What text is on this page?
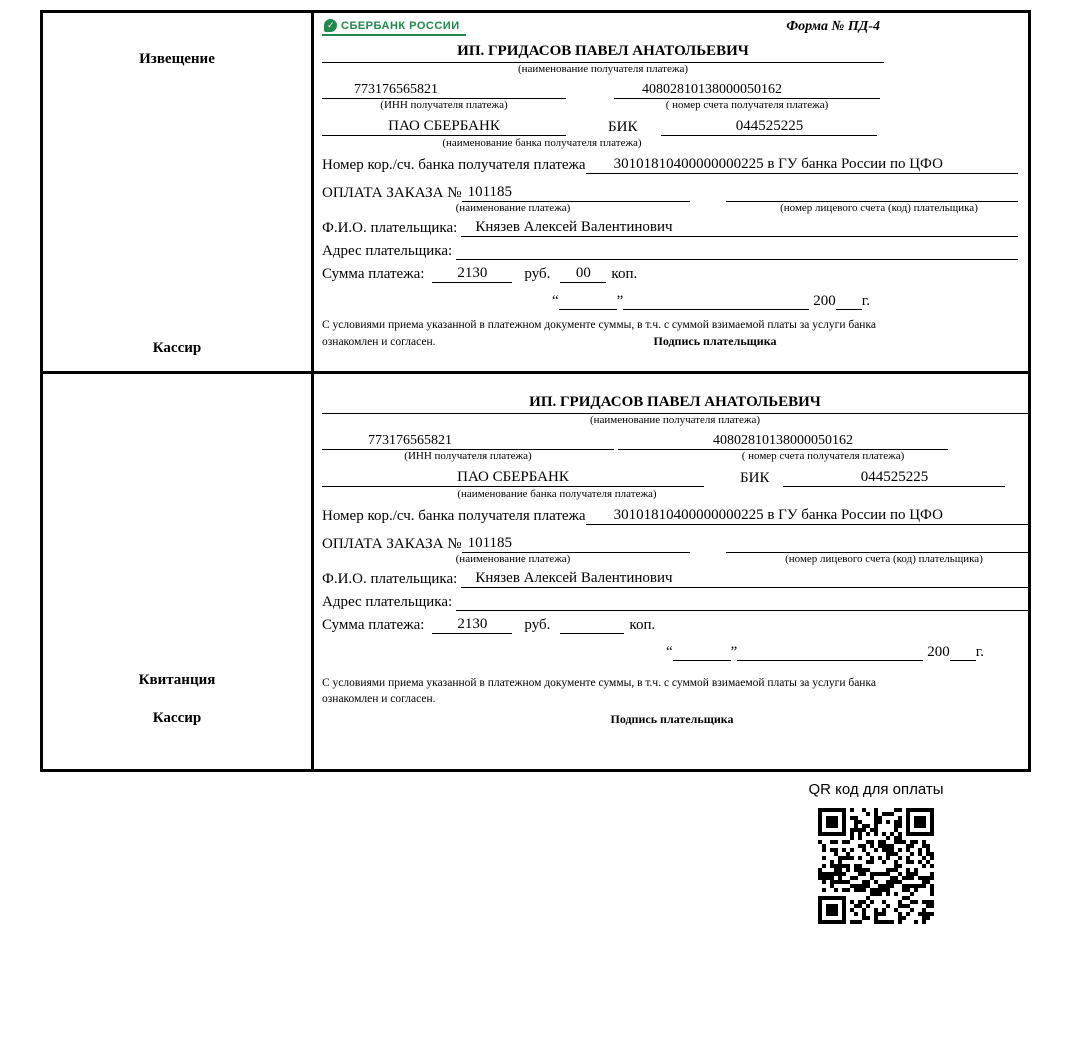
Извещение
Кассир
✓
СБЕРБАНК РОССИИ	Форма № ПД-4
ИП. ГРИДАСОВ ПАВЕЛ АНАТОЛЬЕВИЧ
(наименование получателя платежа)
773176565821	40802810138000050162
(ИНН получателя платежа)	( номер счета получателя платежа)
ПАО СБЕРБАНК	БИК	044525225
(наименование банка получателя платежа)
Номер кор./сч. банка получателя платежа	30101810400000000225 в ГУ банка России по ЦФО
ОПЛАТА ЗАКАЗА № 101185
(наименование платежа)	(номер лицевого счета (код) плательщика)
Ф.И.О. плательщика:	Князев Алексей Валентинович
Адрес плательщика:
Сумма платежа:	2130	руб.	00	коп.
“	”	200 г.
С условиями приема указанной в платежном документе суммы, в т.ч. с суммой взимаемой платы за услуги банка
ознакомлен и согласен.	Подпись плательщика
Квитанция
Кассир
ИП. ГРИДАСОВ ПАВЕЛ АНАТОЛЬЕВИЧ
(наименование получателя платежа)
773176565821	40802810138000050162
(ИНН получателя платежа)	( номер счета получателя платежа)
ПАО СБЕРБАНК	БИК	044525225
(наименование банка получателя платежа)
Номер кор./сч. банка получателя платежа	30101810400000000225 в ГУ банка России по ЦФО
ОПЛАТА ЗАКАЗА № 101185
(наименование платежа)	(номер лицевого счета (код) плательщика)
Ф.И.О. плательщика:	Князев Алексей Валентинович
Адрес плательщика:
Сумма платежа:	2130	руб.	коп.
“	”	200 г.
С условиями приема указанной в платежном документе суммы, в т.ч. с суммой взимаемой платы за услуги банка
ознакомлен и согласен.
Подпись плательщика
QR код для оплаты
